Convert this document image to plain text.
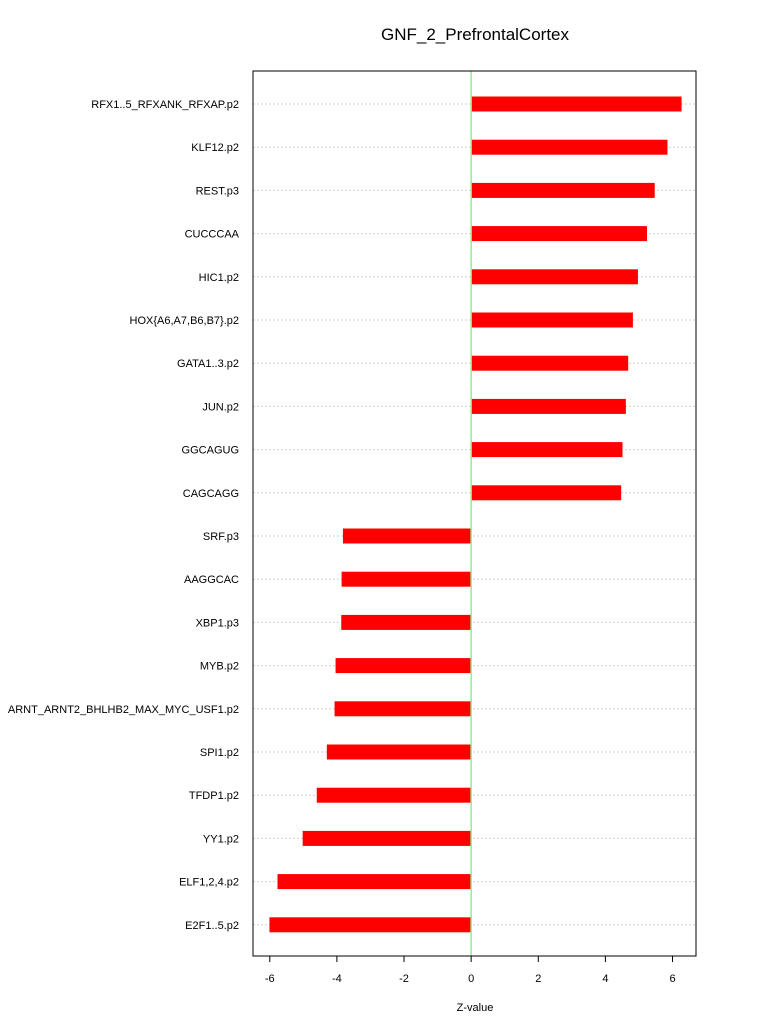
GNF_2_PrefrontalCortex
RFX1..5_RFXANK_RFXAP.p2
KLF12.p2
REST.p3
CUCCCAA
HIC1.p2
HOX{A6,A7,B6,B7}.p2
GATA1..3.p2
JUN.p2
GGCAGUG
CAGCAGG
SRF.p3
AAGGCAC
XBP1.p3
MYB.p2
ARNT_ARNT2_BHLHB2_MAX_MYC_USF1.p2
SPI1.p2
TFDP1.p2
YY1.p2
ELF1,2,4.p2
E2F1..5.p2
-6	-4	-2	0	2	4	6
Z-value
